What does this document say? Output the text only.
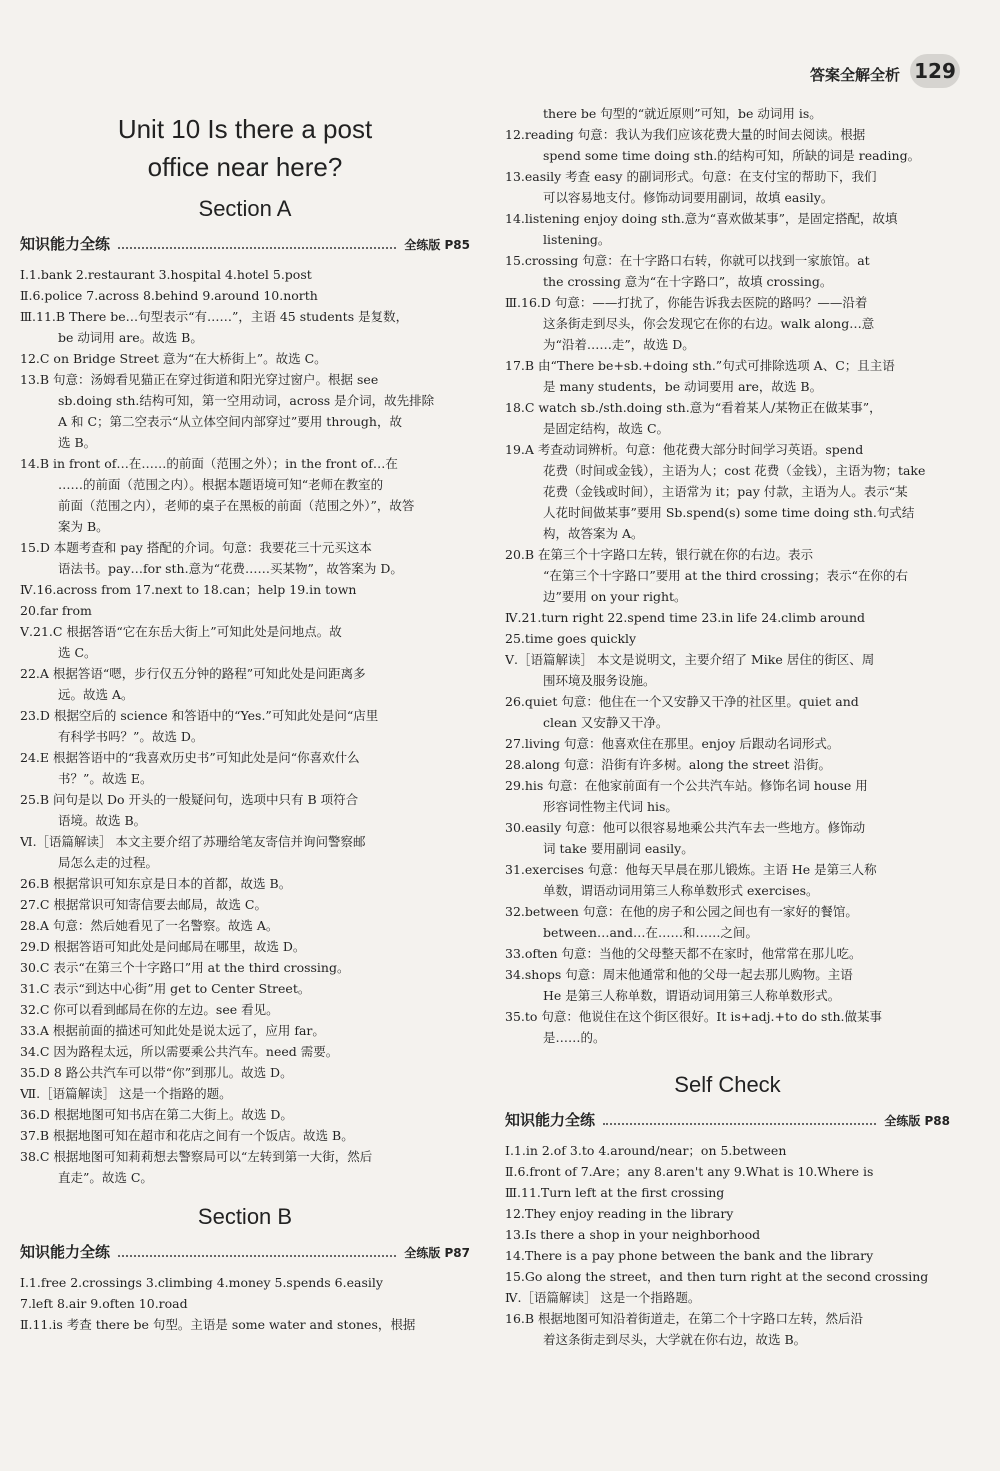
答案全解全析 129
Unit 10 Is there a post
office near here?
Section A
知识能力全练	全练版 P85
Ⅰ.1.bank 2.restaurant 3.hospital 4.hotel 5.post
Ⅱ.6.police 7.across 8.behind 9.around 10.north
Ⅲ.11.B There be…句型表示“有……”，主语 45 students 是复数，
be 动词用 are。故选 B。
12.C on Bridge Street 意为“在大桥街上”。故选 C。
13.B 句意：汤姆看见猫正在穿过街道和阳光穿过窗户。根据 see
sb.doing sth.结构可知，第一空用动词，across 是介词，故先排除
A 和 C；第二空表示“从立体空间内部穿过”要用 through，故
选 B。
14.B in front of…在……的前面（范围之外）；in the front of…在
……的前面（范围之内）。根据本题语境可知“老师在教室的
前面（范围之内），老师的桌子在黑板的前面（范围之外）”，故答
案为 B。
15.D 本题考查和 pay 搭配的介词。句意：我要花三十元买这本
语法书。pay…for sth.意为“花费……买某物”，故答案为 D。
Ⅳ.16.across from 17.next to 18.can；help 19.in town
20.far from
Ⅴ.21.C 根据答语“它在东岳大街上”可知此处是问地点。故
选 C。
22.A 根据答语“嗯，步行仅五分钟的路程”可知此处是问距离多
远。故选 A。
23.D 根据空后的 science 和答语中的“Yes.”可知此处是问“店里
有科学书吗？”。故选 D。
24.E 根据答语中的“我喜欢历史书”可知此处是问“你喜欢什么
书？”。故选 E。
25.B 问句是以 Do 开头的一般疑问句，选项中只有 B 项符合
语境。故选 B。
Ⅵ.［语篇解读］ 本文主要介绍了苏珊给笔友寄信并询问警察邮
局怎么走的过程。
26.B 根据常识可知东京是日本的首都，故选 B。
27.C 根据常识可知寄信要去邮局，故选 C。
28.A 句意：然后她看见了一名警察。故选 A。
29.D 根据答语可知此处是问邮局在哪里，故选 D。
30.C 表示“在第三个十字路口”用 at the third crossing。
31.C 表示“到达中心街”用 get to Center Street。
32.C 你可以看到邮局在你的左边。see 看见。
33.A 根据前面的描述可知此处是说太远了，应用 far。
34.C 因为路程太远，所以需要乘公共汽车。need 需要。
35.D 8 路公共汽车可以带“你”到那儿。故选 D。
Ⅶ.［语篇解读］ 这是一个指路的题。
36.D 根据地图可知书店在第二大街上。故选 D。
37.B 根据地图可知在超市和花店之间有一个饭店。故选 B。
38.C 根据地图可知莉莉想去警察局可以“左转到第一大街，然后
直走”。故选 C。
Section B
知识能力全练	全练版 P87
Ⅰ.1.free 2.crossings 3.climbing 4.money 5.spends 6.easily
7.left 8.air 9.often 10.road
Ⅱ.11.is 考查 there be 句型。主语是 some water and stones，根据
there be 句型的“就近原则”可知，be 动词用 is。
12.reading 句意：我认为我们应该花费大量的时间去阅读。根据
spend some time doing sth.的结构可知，所缺的词是 reading。
13.easily 考查 easy 的副词形式。句意：在支付宝的帮助下，我们
可以容易地支付。修饰动词要用副词，故填 easily。
14.listening enjoy doing sth.意为“喜欢做某事”，是固定搭配，故填
listening。
15.crossing 句意：在十字路口右转，你就可以找到一家旅馆。at
the crossing 意为“在十字路口”，故填 crossing。
Ⅲ.16.D 句意：——打扰了，你能告诉我去医院的路吗？——沿着
这条街走到尽头，你会发现它在你的右边。walk along…意
为“沿着……走”，故选 D。
17.B 由“There be+sb.+doing sth.”句式可排除选项 A、C；且主语
是 many students，be 动词要用 are，故选 B。
18.C watch sb./sth.doing sth.意为“看着某人/某物正在做某事”，
是固定结构，故选 C。
19.A 考查动词辨析。句意：他花费大部分时间学习英语。spend
花费（时间或金钱），主语为人；cost 花费（金钱），主语为物；take
花费（金钱或时间），主语常为 it；pay 付款，主语为人。表示“某
人花时间做某事”要用 Sb.spend(s) some time doing sth.句式结
构，故答案为 A。
20.B 在第三个十字路口左转，银行就在你的右边。表示
“在第三个十字路口”要用 at the third crossing；表示“在你的右
边”要用 on your right。
Ⅳ.21.turn right 22.spend time 23.in life 24.climb around
25.time goes quickly
Ⅴ.［语篇解读］ 本文是说明文，主要介绍了 Mike 居住的街区、周
围环境及服务设施。
26.quiet 句意：他住在一个又安静又干净的社区里。quiet and
clean 又安静又干净。
27.living 句意：他喜欢住在那里。enjoy 后跟动名词形式。
28.along 句意：沿街有许多树。along the street 沿街。
29.his 句意：在他家前面有一个公共汽车站。修饰名词 house 用
形容词性物主代词 his。
30.easily 句意：他可以很容易地乘公共汽车去一些地方。修饰动
词 take 要用副词 easily。
31.exercises 句意：他每天早晨在那儿锻炼。主语 He 是第三人称
单数，谓语动词用第三人称单数形式 exercises。
32.between 句意：在他的房子和公园之间也有一家好的餐馆。
between…and…在……和……之间。
33.often 句意：当他的父母整天都不在家时，他常常在那儿吃。
34.shops 句意：周末他通常和他的父母一起去那儿购物。主语
He 是第三人称单数，谓语动词用第三人称单数形式。
35.to 句意：他说住在这个街区很好。It is+adj.+to do sth.做某事
是……的。
Self Check
知识能力全练	全练版 P88
Ⅰ.1.in 2.of 3.to 4.around/near；on 5.between
Ⅱ.6.front of 7.Are；any 8.aren't any 9.What is 10.Where is
Ⅲ.11.Turn left at the first crossing
12.They enjoy reading in the library
13.Is there a shop in your neighborhood
14.There is a pay phone between the bank and the library
15.Go along the street，and then turn right at the second crossing
Ⅳ.［语篇解读］ 这是一个指路题。
16.B 根据地图可知沿着街道走，在第二个十字路口左转，然后沿
着这条街走到尽头，大学就在你右边，故选 B。
